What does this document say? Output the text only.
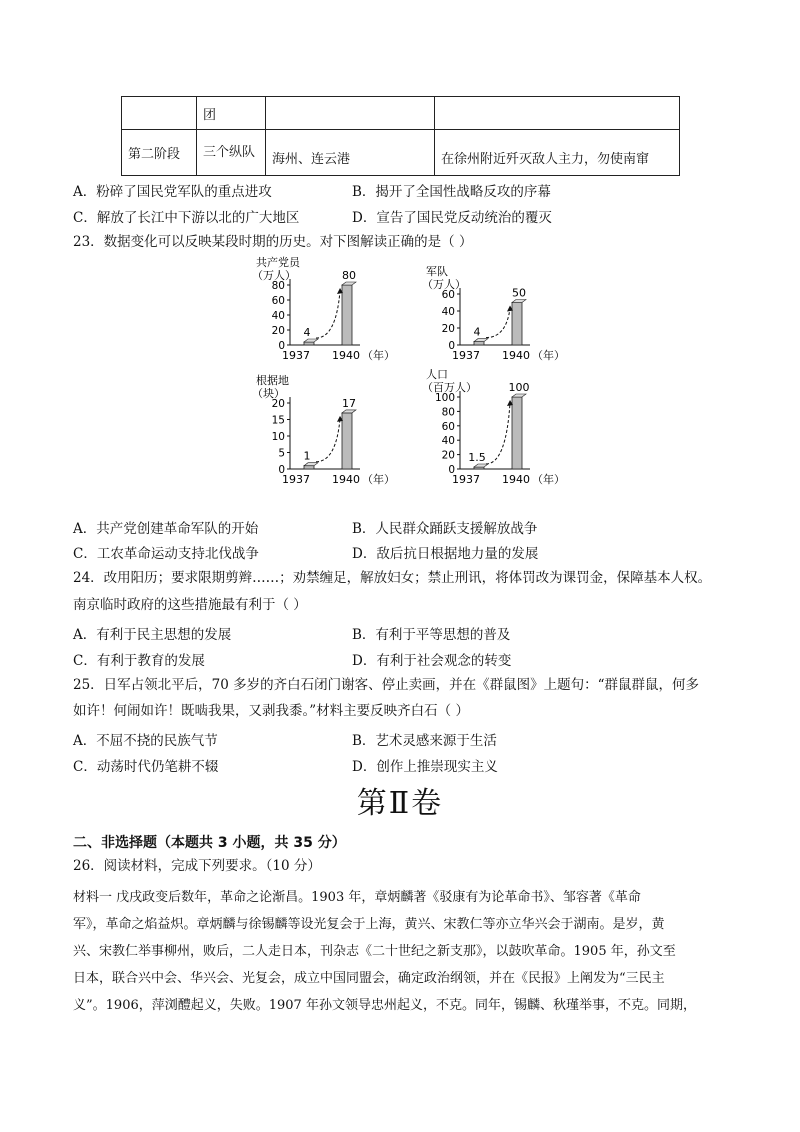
	团		
第二阶段	三个纵队	海州、连云港	在徐州附近歼灭敌人主力，勿使南窜
A．粉碎了国民党军队的重点进攻	B．揭开了全国性战略反攻的序幕
C．解放了长江中下游以北的广大地区	D．宣告了国民党反动统治的覆灭
23．数据变化可以反映某段时期的历史。对下图解读正确的是（ ）
共产党员
（万人）
0
20
40
60
80
4
80
1937 1940 （年）
军队
（万人）
0
20
40
60
4
50
1937 1940 （年）
根据地
（块）
0
5
10
15
20
1
17
1937 1940 （年）
人口
（百万人）
0
20
40
60
80
100
1.5
100
1937 1940 （年）
A．共产党创建革命军队的开始	B．人民群众踊跃支援解放战争
C．工农革命运动支持北伐战争	D．敌后抗日根据地力量的发展
24．改用阳历；要求限期剪辫……；劝禁缠足，解放妇女；禁止刑讯，将体罚改为课罚金，保障基本人权。
南京临时政府的这些措施最有利于（ ）
A．有利于民主思想的发展	B．有利于平等思想的普及
C．有利于教育的发展	D．有利于社会观念的转变
25．日军占领北平后，70 多岁的齐白石闭门谢客、停止卖画，并在《群鼠图》上题句：“群鼠群鼠，何多
如许！何闹如许！既啮我果，又剥我黍。”材料主要反映齐白石（ ）
A．不屈不挠的民族气节	B．艺术灵感来源于生活
C．动荡时代仍笔耕不辍	D．创作上推崇现实主义
第Ⅱ卷
二、非选择题（本题共 3 小题，共 35 分）
26．阅读材料，完成下列要求。（10 分）
材料一 戊戌政变后数年，革命之论渐昌。1903 年，章炳麟著《驳康有为论革命书》、邹容著《革命
军》，革命之焰益炽。章炳麟与徐锡麟等设光复会于上海，黄兴、宋教仁等亦立华兴会于湖南。是岁，黄
兴、宋教仁举事柳州，败后，二人走日本，刊杂志《二十世纪之新支那》，以鼓吹革命。1905 年，孙文至
日本，联合兴中会、华兴会、光复会，成立中国同盟会，确定政治纲领，并在《民报》上阐发为“三民主
义”。1906，萍浏醴起义，失败。1907 年孙文领导忠州起义，不克。同年，锡麟、秋瑾举事，不克。同期，
